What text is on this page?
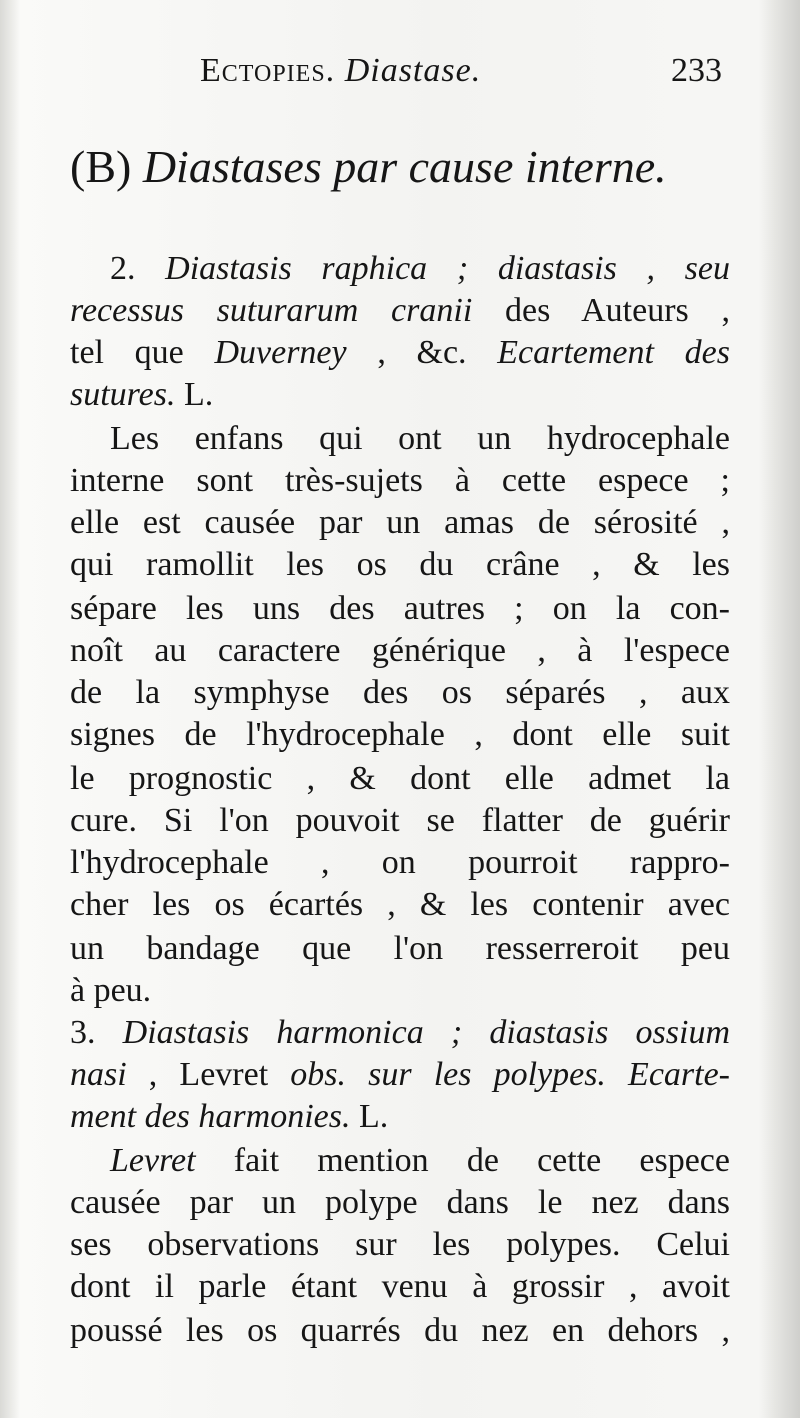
Ectopies. Diastase.	233
(B) Diastases par cause interne.
2. Diastasis raphica ; diastasis , seu
recessus suturarum cranii des Auteurs ,
tel que Duverney , &c. Ecartement des
sutures. L.
Les enfans qui ont un hydrocephale
interne sont très-sujets à cette espece ;
elle est causée par un amas de sérosité ,
qui ramollit les os du crâne , & les
sépare les uns des autres ; on la con-
noît au caractere générique , à l'espece
de la symphyse des os séparés , aux
signes de l'hydrocephale , dont elle suit
le prognostic , & dont elle admet la
cure. Si l'on pouvoit se flatter de guérir
l'hydrocephale , on pourroit rappro-
cher les os écartés , & les contenir avec
un bandage que l'on resserreroit peu
à peu.
3. Diastasis harmonica ; diastasis ossium
nasi , Levret obs. sur les polypes. Ecarte-
ment des harmonies. L.
Levret fait mention de cette espece
causée par un polype dans le nez dans
ses observations sur les polypes. Celui
dont il parle étant venu à grossir , avoit
poussé les os quarrés du nez en dehors ,
